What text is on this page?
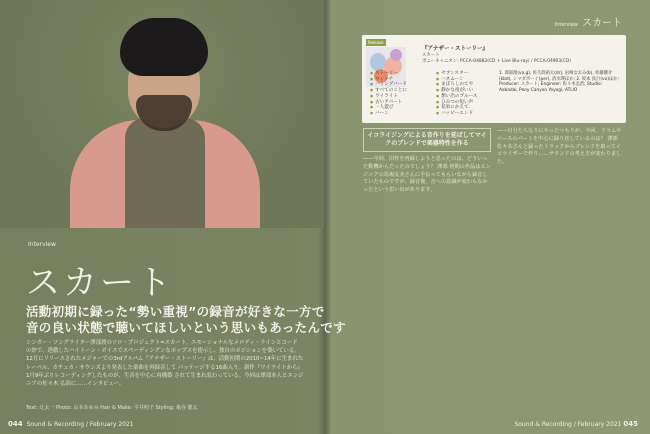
Interview
スカート
活動初期に録った“勢い重視”の録音が好きな一方で
音の良い状態で聴いてほしいという思いもあったんです
シンガー・ソングライター澤部渡のソロ・プロジェクト=スカート。エモーショナルなメロディ・ラインとコード の妙で、透徹したハイトーン・ボイスでスペーディングンなポップスを提示し、独自のポジションを築いている。12月にリリースされたメジャーでの3rdアルバム『アナザー・ストーリー』は、活動初期の2010~14年に生まれたレーベル、カチュカ・サウンズより発表した楽曲を再録音して パッケージする16曲入り。新作『ワイライトから』1月9年ぶりレコーディングしたものが、生音を中心に再構築 されて生まれ変わっている。今回は澤部本人とエンジニアの佐々木 弘治に……インタビュー。
Text: 辻太一 Photo: 山本あゆみ Hair & Make: 平井明子 Styling: 亀谷 健太
044 Sound & Recording / February 2021
Interview スカート
Release
『アナザー・ストーリー』
スカート
ポニーキャニオン: PCCA-04882(CD + Live Blu-ray) / PCCA-04903(CD)
● ストーリー	● セブンスター
● ウィッチ	● ハネムーン
● ハミングバード	● まぼろしのてや
● すべてのことに	● 静かな夜がいい
● ワイライト	● 想い出のブルース
● 古いアパート	● ひみつの短い声
● 一人遊び	● 花束にかえて
● バーン	● ハッピーエンド
1. 澤部渡(vo,g), 佐久間裕太(dr), 岩崎なおみ(b), 佐藤優介(kbd), シマダボーイ(per), 清水瑛ほか; 2. 坂本 真行(vo)ほか; Producer: スカート; Engineer: 佐々木弘治; Studio: Aobadai, Pony Canyon Yoyogi, ATLIO
イコライジングによる音作りを延ばしてマイクのブレンドで楽器特性を作る
——今回、旧作を再録しようと思ったのは、どういった動機からだったのでしょう？ 澤部 初期の作品はエンジニアの馬場友美さんに手伝ってもらいながら録音していたものですが、録音後、音への意識が変わらなかったという思い出があります。
——自分たちなりにやったつもりが、今回、ドラムやベースのパートを中心に録り直しているのは？ 澤部 佐々木さんと録ったトラックからブレンドを取ってイコライザーで作り……サウンドの考え方が変わりました。
Sound & Recording / February 2021 045
